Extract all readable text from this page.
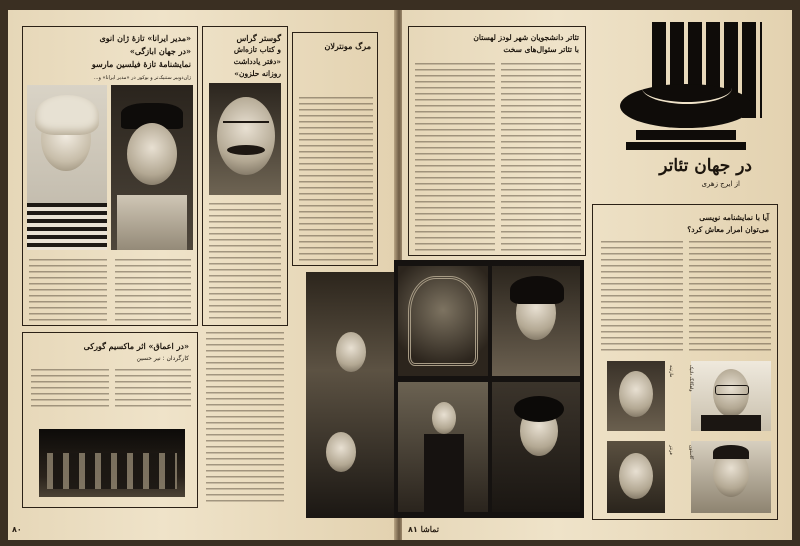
«مدیر ایرانا» تازهٔ ژان انوی
«در جهان ابازگی»
نمایشنامهٔ تازهٔ فیلسین مارسو
ژان‌دوبیر ستنیک‌تر و بوکور در «مدیر ایرانا» و...
گوستر گراس
و کتاب تازه‌اش
«دفتر یادداشت
روزانه حلزون»
مرگ مونترلان
«در اعماق» اثر ماکسیم گورکی
کارگردان : نیر حسین
۸۰
تئاتر دانشجویان شهر لودز لهستان
با تئاتر سئوال‌های سخت
در جهان تئاتر
از ایرج زهری
آیا با نمایشنامه نویسی
می‌توان امرار معاش کرد؟
مارتینه	ولفگانگ دلتیک
فرنتز	گاستون
تماشا ۸۱
